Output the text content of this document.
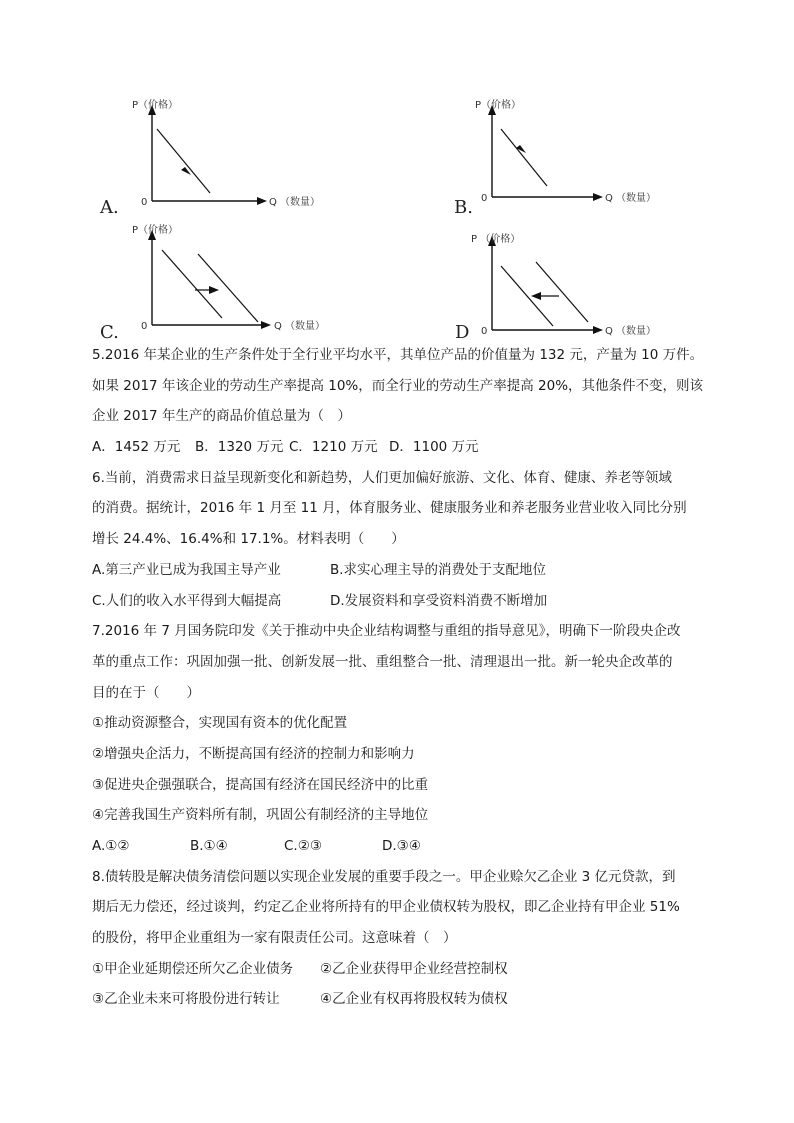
A.
P（价格）
0	Q （数量）	B.
P（价格）
0	Q （数量）
C.
P（价格）
0	Q （数量）	D
P （价格）
0	Q （数量）
5.2016 年某企业的生产条件处于全行业平均水平，其单位产品的价值量为 132 元，产量为 10 万件。
如果 2017 年该企业的劳动生产率提高 10%，而全行业的劳动生产率提高 20%，其他条件不变，则该
企业 2017 年生产的商品价值总量为（　）
A．1452 万元 B．1320 万元 C．1210 万元 D．1100 万元
6.当前，消费需求日益呈现新变化和新趋势，人们更加偏好旅游、文化、体育、健康、养老等领域
的消费。据统计，2016 年 1 月至 11 月，体育服务业、健康服务业和养老服务业营业收入同比分别
增长 24.4%、16.4%和 17.1%。材料表明（　　）
A.第三产业已成为我国主导产业	B.求实心理主导的消费处于支配地位
C.人们的收入水平得到大幅提高	D.发展资料和享受资料消费不断增加
7.2016 年 7 月国务院印发《关于推动中央企业结构调整与重组的指导意见》，明确下一阶段央企改
革的重点工作：巩固加强一批、创新发展一批、重组整合一批、清理退出一批。新一轮央企改革的
目的在于（　　）
①推动资源整合，实现国有资本的优化配置
②增强央企活力，不断提高国有经济的控制力和影响力
③促进央企强强联合，提高国有经济在国民经济中的比重
④完善我国生产资料所有制，巩固公有制经济的主导地位
A.①②	B.①④	C.②③	D.③④
8.债转股是解决债务清偿问题以实现企业发展的重要手段之一。甲企业赊欠乙企业 3 亿元贷款，到
期后无力偿还，经过谈判，约定乙企业将所持有的甲企业债权转为股权，即乙企业持有甲企业 51%
的股份，将甲企业重组为一家有限责任公司。这意味着（　）
①甲企业延期偿还所欠乙企业债务 ②乙企业获得甲企业经营控制权
③乙企业未来可将股份进行转让	④乙企业有权再将股权转为债权
